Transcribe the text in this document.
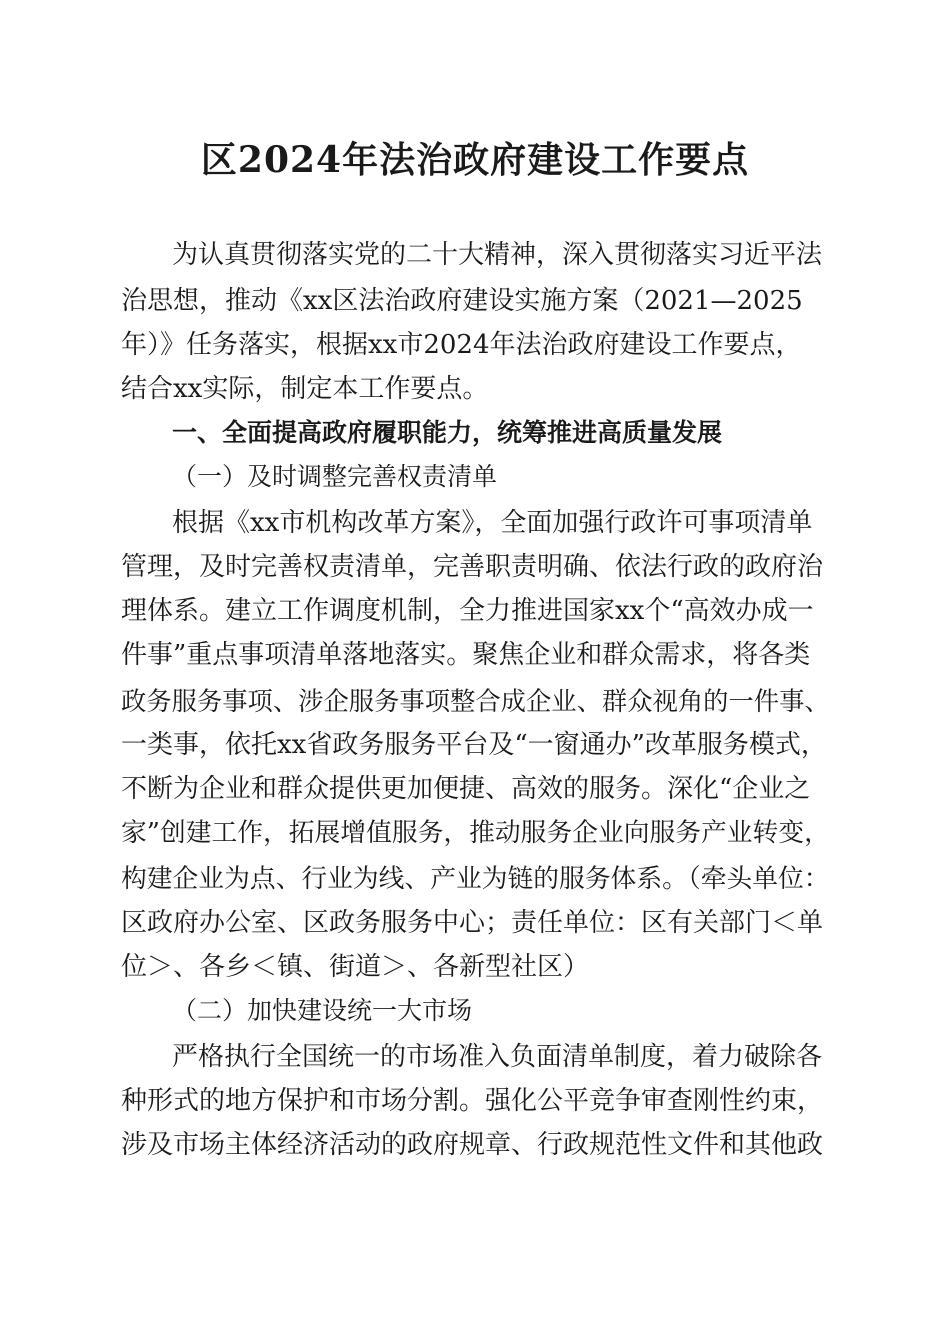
区2024年法治政府建设工作要点
为认真贯彻落实党的二十大精神，深入贯彻落实习近平法
治思想，推动《xx区法治政府建设实施方案（2021—2025
年）》任务落实，根据xx市2024年法治政府建设工作要点，
结合xx实际，制定本工作要点。
一、全面提高政府履职能力，统筹推进高质量发展
（一）及时调整完善权责清单
根据《xx市机构改革方案》，全面加强行政许可事项清单
管理，及时完善权责清单，完善职责明确、依法行政的政府治
理体系。建立工作调度机制，全力推进国家xx个“高效办成一
件事”重点事项清单落地落实。聚焦企业和群众需求，将各类
政务服务事项、涉企服务事项整合成企业、群众视角的一件事、
一类事，依托xx省政务服务平台及“一窗通办”改革服务模式，
不断为企业和群众提供更加便捷、高效的服务。深化“企业之
家”创建工作，拓展增值服务，推动服务企业向服务产业转变，
构建企业为点、行业为线、产业为链的服务体系。（牵头单位：
区政府办公室、区政务服务中心；责任单位：区有关部门＜单
位＞、各乡＜镇、街道＞、各新型社区）
（二）加快建设统一大市场
严格执行全国统一的市场准入负面清单制度，着力破除各
种形式的地方保护和市场分割。强化公平竞争审查刚性约束，
涉及市场主体经济活动的政府规章、行政规范性文件和其他政
